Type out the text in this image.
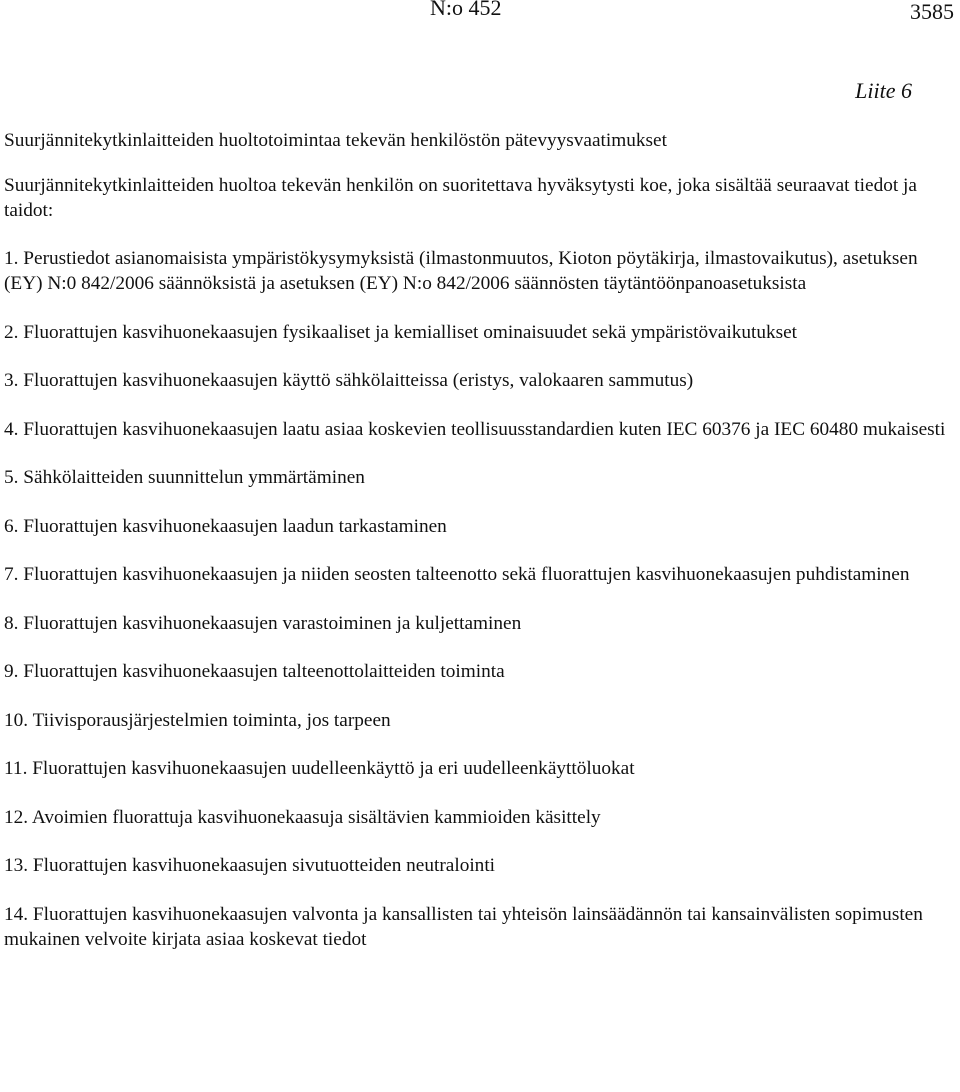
N:o 452	3585
Liite 6
Suurjännitekytkinlaitteiden huoltotoimintaa tekevän henkilöstön pätevyysvaatimukset

Suurjännitekytkinlaitteiden huoltoa tekevän henkilön on suoritettava hyväksytysti koe, joka sisältää seuraavat tiedot ja taidot:

1. Perustiedot asianomaisista ympäristökysymyksistä (ilmastonmuutos, Kioton pöytäkirja, ilmastovaikutus), asetuksen (EY) N:0 842/2006 säännöksistä ja asetuksen (EY) N:o 842/2006 säännösten täytäntöönpanoasetuksista
2. Fluorattujen kasvihuonekaasujen fysikaaliset ja kemialliset ominaisuudet sekä ympäristövaikutukset
3. Fluorattujen kasvihuonekaasujen käyttö sähkölaitteissa (eristys, valokaaren sammutus)
4. Fluorattujen kasvihuonekaasujen laatu asiaa koskevien teollisuusstandardien kuten IEC 60376 ja IEC 60480 mukaisesti
5. Sähkölaitteiden suunnittelun ymmärtäminen
6. Fluorattujen kasvihuonekaasujen laadun tarkastaminen
7. Fluorattujen kasvihuonekaasujen ja niiden seosten talteenotto sekä fluorattujen kasvihuonekaasujen puhdistaminen
8. Fluorattujen kasvihuonekaasujen varastoiminen ja kuljettaminen
9. Fluorattujen kasvihuonekaasujen talteenottolaitteiden toiminta
10. Tiivisporausjärjestelmien toiminta, jos tarpeen
11. Fluorattujen kasvihuonekaasujen uudelleenkäyttö ja eri uudelleenkäyttöluokat
12. Avoimien fluorattuja kasvihuonekaasuja sisältävien kammioiden käsittely
13. Fluorattujen kasvihuonekaasujen sivutuotteiden neutralointi
14. Fluorattujen kasvihuonekaasujen valvonta ja kansallisten tai yhteisön lainsäädännön tai kansainvälisten sopimusten mukainen velvoite kirjata asiaa koskevat tiedot
